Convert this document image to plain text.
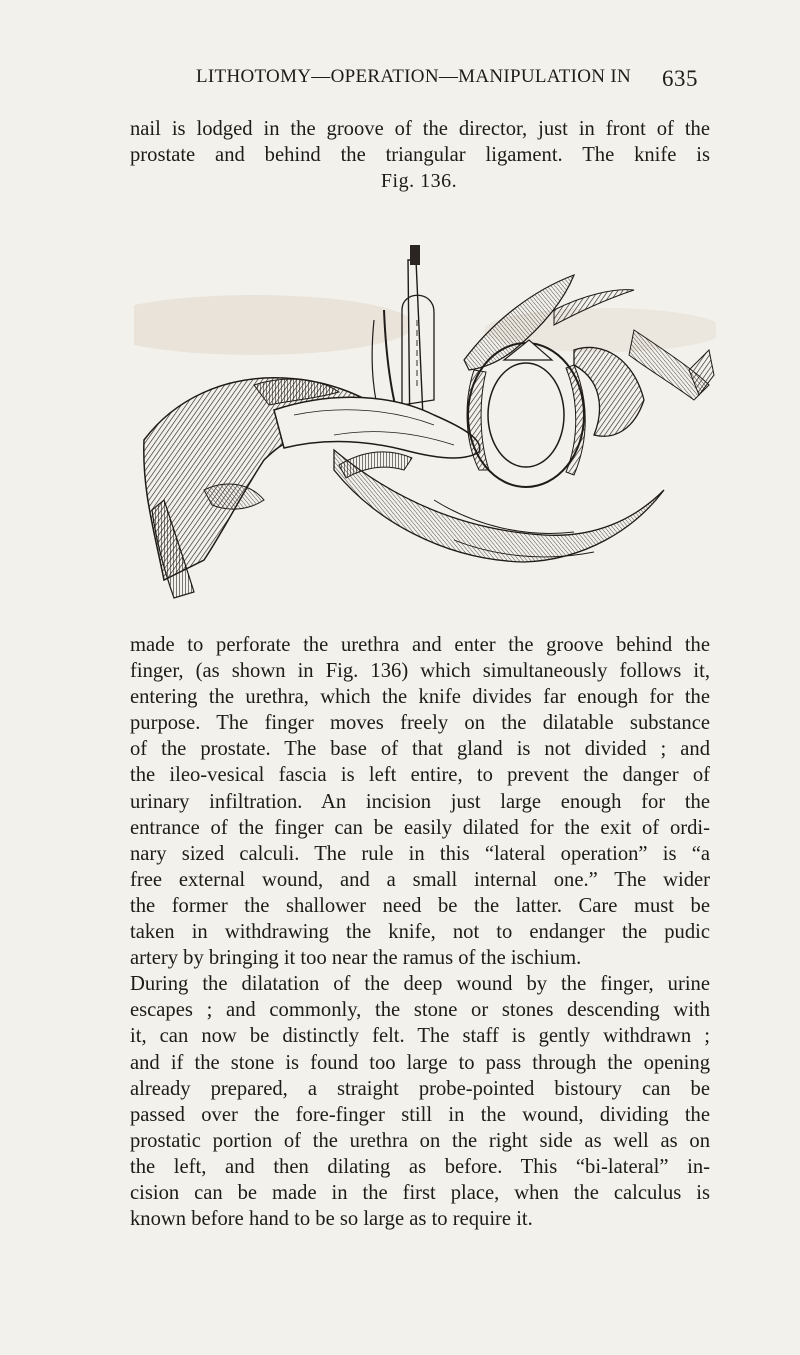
LITHOTOMY—OPERATION—MANIPULATION IN 635
nail is lodged in the groove of the director, just in front of the
prostate and behind the triangular ligament. The knife is
Fig. 136.
made to perforate the urethra and enter the groove behind the
finger, (as shown in Fig. 136) which simultaneously follows it,
entering the urethra, which the knife divides far enough for the
purpose. The finger moves freely on the dilatable substance
of the prostate. The base of that gland is not divided ; and
the ileo-vesical fascia is left entire, to prevent the danger of
urinary infiltration. An incision just large enough for the
entrance of the finger can be easily dilated for the exit of ordi-
nary sized calculi. The rule in this “lateral operation” is “a
free external wound, and a small internal one.” The wider
the former the shallower need be the latter. Care must be
taken in withdrawing the knife, not to endanger the pudic
artery by bringing it too near the ramus of the ischium.
During the dilatation of the deep wound by the finger, urine
escapes ; and commonly, the stone or stones descending with
it, can now be distinctly felt. The staff is gently withdrawn ;
and if the stone is found too large to pass through the opening
already prepared, a straight probe-pointed bistoury can be
passed over the fore-finger still in the wound, dividing the
prostatic portion of the urethra on the right side as well as on
the left, and then dilating as before. This “bi-lateral” in-
cision can be made in the first place, when the calculus is
known before hand to be so large as to require it.
